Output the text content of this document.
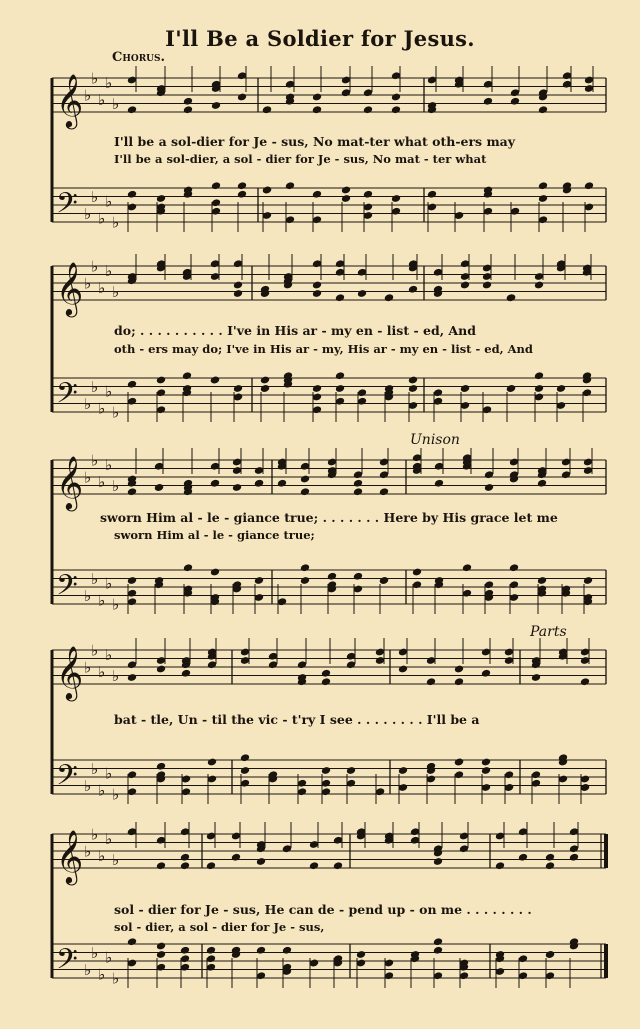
I'll Be a Soldier for Jesus.
Chorus.
Unison
Parts
I'll be a sol-dier for Je - sus, No mat-ter what oth-ers may
I'll be a sol-dier, a sol - dier for Je - sus, No mat - ter what
do; . . . . . . . . . . I've in His ar - my en - list - ed, And
oth - ers may do; I've in His ar - my, His ar - my en - list - ed, And
sworn Him al - le - giance true; . . . . . . . Here by His grace let me
sworn Him al - le - giance true;
bat - tle, Un - til the vic - t'ry I see . . . . . . . . I'll be a
sol - dier for Je - sus, He can de - pend up - on me . . . . . . . .
sol - dier, a sol - dier for Je - sus,
𝄞 ♭
♭
♭
♭
♭
𝄢 ♭
♭
♭
♭
♭
𝄞 ♭
♭
♭
♭
♭
𝄢 ♭
♭
♭
♭
♭
𝄞 ♭
♭
♭
♭
♭
𝄢 ♭
♭
♭
♭
♭
𝄞 ♭
♭
♭
♭
♭
𝄢 ♭
♭
♭
♭
♭
𝄞 ♭
♭
♭
♭
♭
𝄢 ♭
♭
♭
♭
♭
